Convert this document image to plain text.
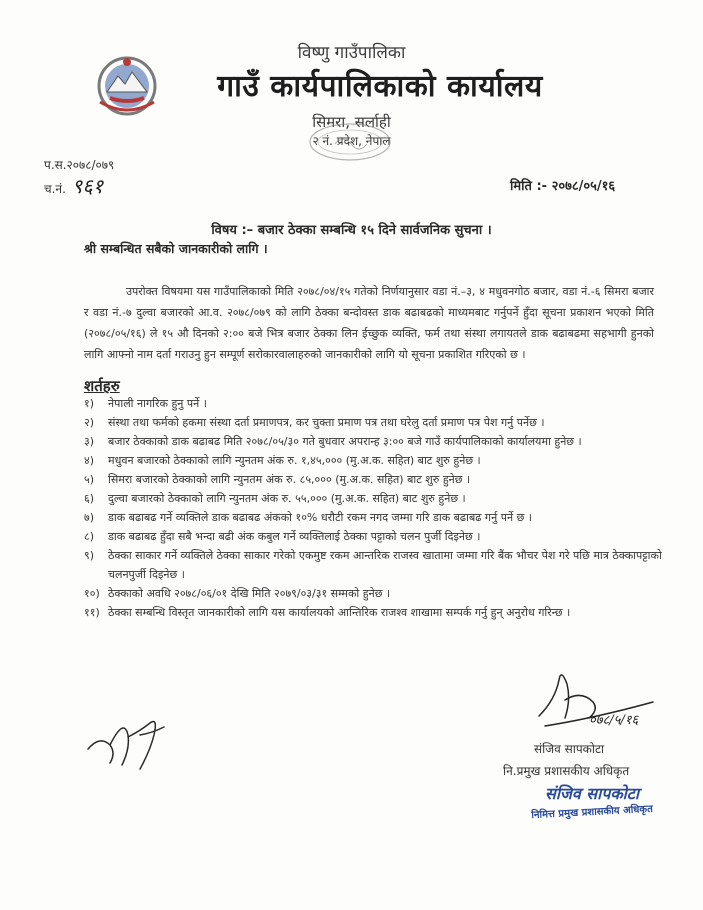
विष्णु गाउँपालिका
गाउँ कार्यपालिकाको कार्यालय
सिमरा, सर्लाही
२ नं. प्रदेश, नेपाल
प.स.२०७८/०७९
च.नं. ९६१	मिति :- २०७८/०५/१६
विषय :– बजार ठेक्का सम्बन्धि १५ दिने सार्वजनिक सुचना ।
श्री सम्बन्धित सबैको जानकारीको लागि ।

उपरोक्त विषयमा यस गाउँपालिकाको मिति २०७८/०४/१५ गतेको निर्णयानुसार वडा नं.–३, ४ मधुवनगोठ बजार, वडा नं.-६ सिमरा बजार र वडा नं.-७ दुल्वा बजारको आ.व. २०७८/०७९ को लागि ठेक्का बन्दोवस्त डाक बढाबढको माध्यमबाट गर्नुपर्ने हुँदा सूचना प्रकाशन भएको मिति (२०७८/०५/१६) ले १५ औ दिनको २:०० बजे भित्र बजार ठेक्का लिन ईच्छुक व्यक्ति, फर्म तथा संस्था लगायतले डाक बढाबढमा सहभागी हुनको लागि आफ्नो नाम दर्ता गराउनु हुन सम्पूर्ण सरोकारवालाहरुको जानकारीको लागि यो सूचना प्रकाशित गरिएको छ ।

शर्तहरु
१) नेपाली नागरिक हुनु पर्ने ।
२) संस्था तथा फर्मको हकमा संस्था दर्ता प्रमाणपत्र, कर चुक्ता प्रमाण पत्र तथा घरेलु दर्ता प्रमाण पत्र पेश गर्नु पर्नेछ ।
३) बजार ठेक्काको डाक बढाबढ मिति २०७८/०५/३० गते बुधवार अपरान्ह ३:०० बजे गाउँ कार्यपालिकाको कार्यालयमा हुनेछ ।
४) मधुवन बजारको ठेक्काको लागि न्युनतम अंक रु. १,४५,००० (मु.अ.क. सहित) बाट शुरु हुनेछ ।
५) सिमरा बजारको ठेक्काको लागि न्युनतम अंक रु. ८५,००० (मु.अ.क. सहित) बाट शुरु हुनेछ ।
६) दुल्वा बजारको ठेक्काको लागि न्युनतम अंक रु. ५५,००० (मु.अ.क. सहित) बाट शुरु हुनेछ ।
७) डाक बढाबढ गर्ने व्यक्तिले डाक बढाबढ अंकको १०% धरौटी रकम नगद जम्मा गरि डाक बढाबढ गर्नु पर्ने छ ।
८) डाक बढाबढ हुँदा सबै भन्दा बढी अंक कबुल गर्ने व्यक्तिलाई ठेक्का पट्टाको चलन पुर्जी दिइनेछ ।
९) ठेक्का साकार गर्ने व्यक्तिले ठेक्का साकार गरेको एकमुष्ट रकम आन्तरिक राजस्व खातामा जम्मा गरि बैंक भौचर पेश गरे पछि मात्र ठेक्कापट्टाको चलनपुर्जी दिइनेछ ।
१०) ठेक्काको अवधि २०७८/०६/०१ देखि मिति २०७९/०३/३१ सम्मको हुनेछ ।
११) ठेक्का सम्बन्धि विस्तृत जानकारीको लागि यस कार्यालयको आन्तिरिक राजश्व शाखामा सम्पर्क गर्नु हुन् अनुरोध गरिन्छ ।
०७८/५/१६
संजिव सापकोटा
नि.प्रमुख प्रशासकीय अधिकृत
संजिव सापकोटा
निमित्त प्रमुख प्रशासकीय अधिकृत
